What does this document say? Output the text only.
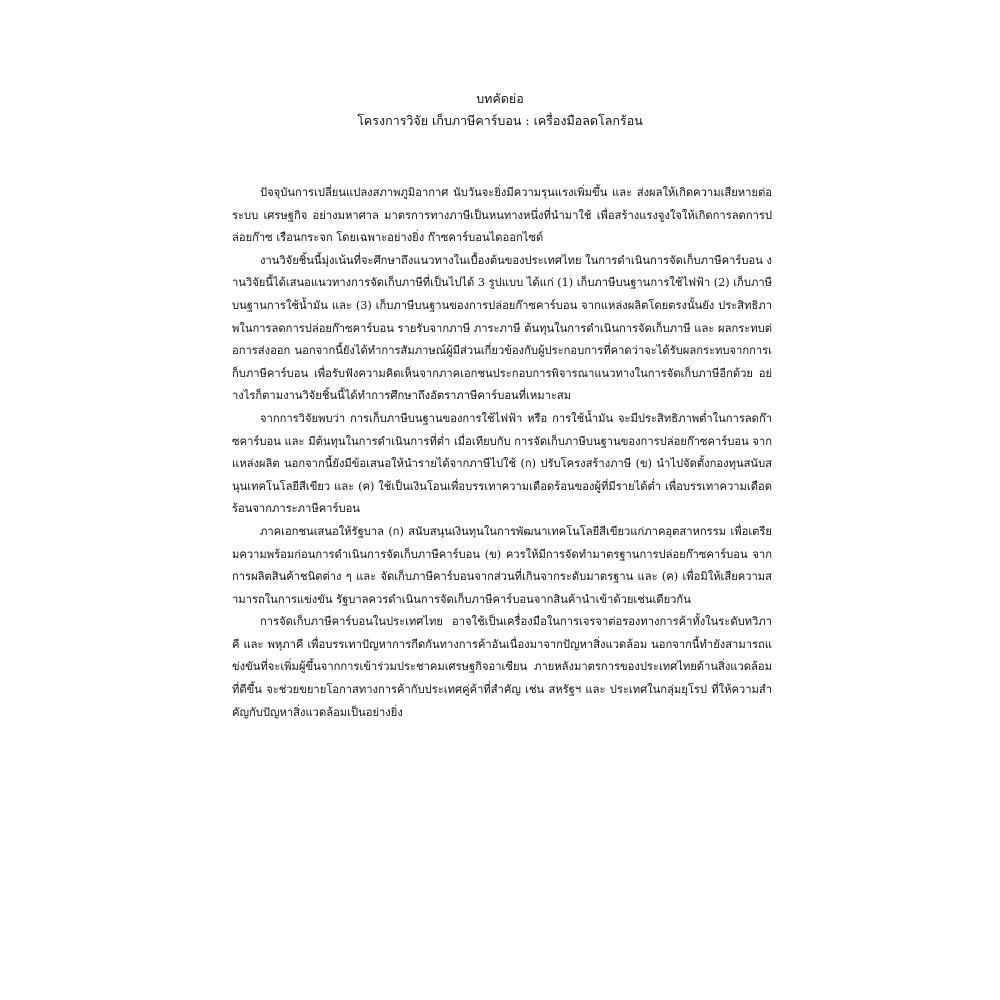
บทคัดย่อ
โครงการวิจัย เก็บภาษีคาร์บอน : เครื่องมือลดโลกร้อน

ปัจจุบันการเปลี่ยนแปลงสภาพภูมิอากาศ นับวันจะยิ่งมีความรุนแรงเพิ่มขึ้น และ ส่งผลให้เกิดความเสียหายต่อระบบ เศรษฐกิจ อย่างมหาศาล มาตรการทางภาษีเป็นหนทางหนึ่งที่นำมาใช้ เพื่อสร้างแรงจูงใจให้เกิดการลดการปล่อยก๊าซ เรือนกระจก โดยเฉพาะอย่างยิ่ง ก๊าซคาร์บอนไดออกไซด์

งานวิจัยชิ้นนี้มุ่งเน้นที่จะศึกษาถึงแนวทางในเบื้องต้นของประเทศไทย ในการดำเนินการจัดเก็บภาษีคาร์บอน งานวิจัยนี้ได้เสนอแนวทางการจัดเก็บภาษีที่เป็นไปได้ 3 รูปแบบ ได้แก่ (1) เก็บภาษีบนฐานการใช้ไฟฟ้า (2) เก็บภาษีบนฐานการใช้น้ำมัน และ (3) เก็บภาษีบนฐานของการปล่อยก๊าซคาร์บอน จากแหล่งผลิตโดยตรงนั้นยัง ประสิทธิภาพในการลดการปล่อยก๊าซคาร์บอน รายรับจากภาษี ภาระภาษี ต้นทุนในการดำเนินการจัดเก็บภาษี และ ผลกระทบต่อการส่งออก นอกจากนี้ยังได้ทำการสัมภาษณ์ผู้มีส่วนเกี่ยวข้องกับผู้ประกอบการที่คาดว่าจะได้รับผลกระทบจากการเก็บภาษีคาร์บอน เพื่อรับฟังความคิดเห็นจากภาคเอกชนประกอบการพิจารณาแนวทางในการจัดเก็บภาษีอีกด้วย อย่างไรก็ตามงานวิจัยชิ้นนี้ได้ทำการศึกษาถึงอัตราภาษีคาร์บอนที่เหมาะสม

จากการวิจัยพบว่า การเก็บภาษีบนฐานของการใช้ไฟฟ้า หรือ การใช้น้ำมัน จะมีประสิทธิภาพต่ำในการลดก๊าซคาร์บอน และ มีต้นทุนในการดำเนินการที่ต่ำ เมื่อเทียบกับ การจัดเก็บภาษีบนฐานของการปล่อยก๊าซคาร์บอน จากแหล่งผลิต นอกจากนี้ยังมีข้อเสนอให้นำรายได้จากภาษีไปใช้ (ก) ปรับโครงสร้างภาษี (ข) นำไปจัดตั้งกองทุนสนับสนุนเทคโนโลยีสีเขียว และ (ค) ใช้เป็นเงินโอนเพื่อบรรเทาความเดือดร้อนของผู้ที่มีรายได้ต่ำ เพื่อบรรเทาความเดือดร้อนจากภาระภาษีคาร์บอน

ภาคเอกชนเสนอให้รัฐบาล (ก) สนับสนุนเงินทุนในการพัฒนาเทคโนโลยีสีเขียวแก่ภาคอุตสาหกรรม เพื่อเตรียมความพร้อมก่อนการดำเนินการจัดเก็บภาษีคาร์บอน (ข) ควรให้มีการจัดทำมาตรฐานการปล่อยก๊าซคาร์บอน จากการผลิตสินค้าชนิดต่าง ๆ และ จัดเก็บภาษีคาร์บอนจากส่วนที่เกินจากระดับมาตรฐาน และ (ค) เพื่อมิให้เสียความสามารถในการแข่งขัน รัฐบาลควรดำเนินการจัดเก็บภาษีคาร์บอนจากสินค้านำเข้าด้วยเช่นเดียวกัน

การจัดเก็บภาษีคาร์บอนในประเทศไทย อาจใช้เป็นเครื่องมือในการเจรจาต่อรองทางการค้าทั้งในระดับทวิภาคี และ พหุภาคี เพื่อบรรเทาปัญหาการกีดกันทางการค้าอันเนื่องมาจากปัญหาสิ่งแวดล้อม นอกจากนี้ทำยังสามารถแข่งขันที่จะเพิ่มผู้ขึ้นจากการเข้าร่วมประชาคมเศรษฐกิจอาเซียน ภายหลังมาตรการของประเทศไทยด้านสิ่งแวดล้อมที่ดีขึ้น จะช่วยขยายโอกาสทางการค้ากับประเทศคู่ค้าที่สำคัญ เช่น สหรัฐฯ และ ประเทศในกลุ่มยุโรป ที่ให้ความสำคัญกับปัญหาสิ่งแวดล้อมเป็นอย่างยิ่ง
